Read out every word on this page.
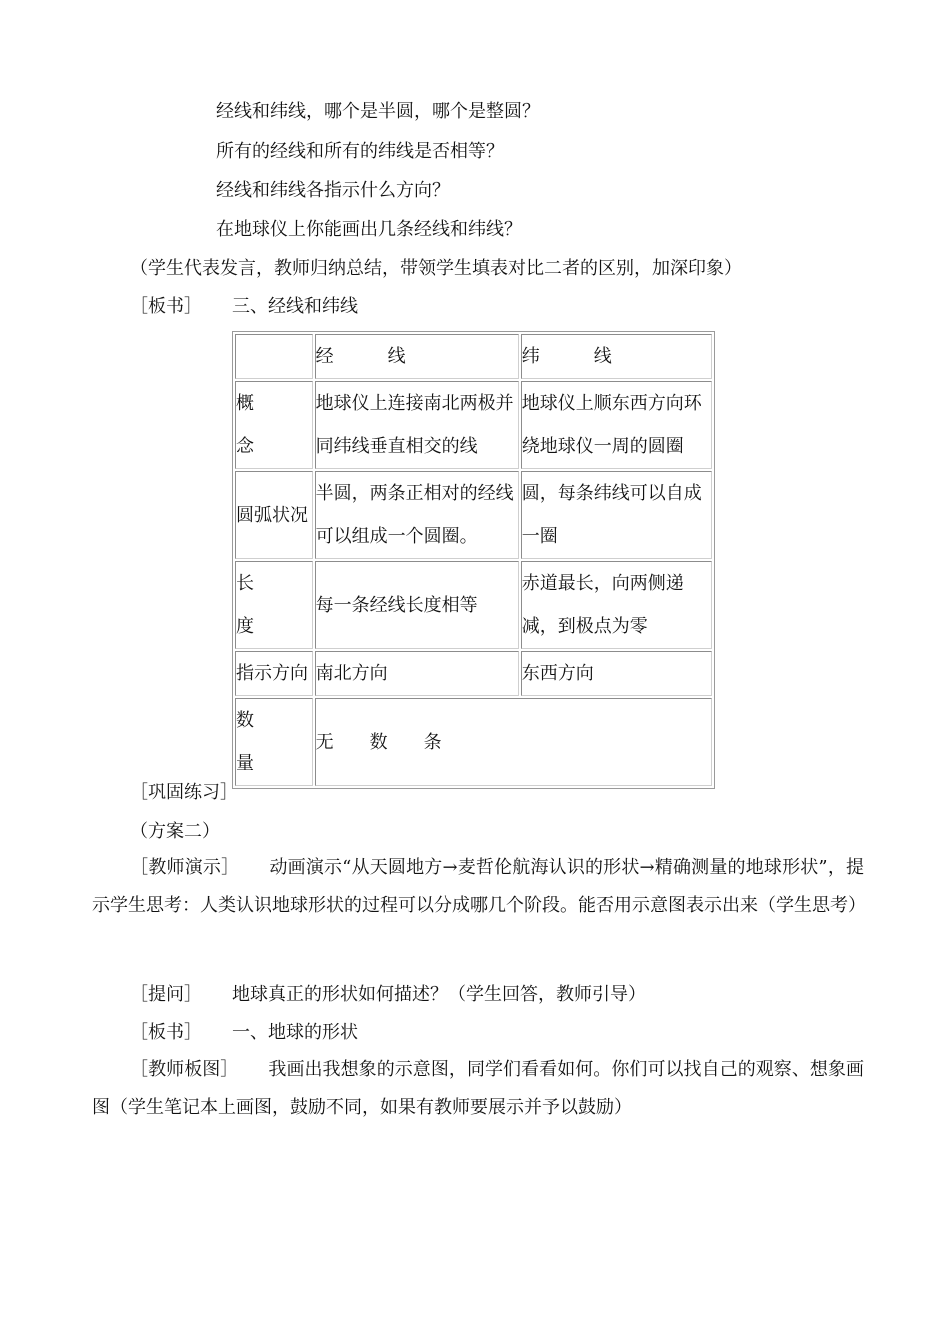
经线和纬线，哪个是半圆，哪个是整圆？
所有的经线和所有的纬线是否相等？
经线和纬线各指示什么方向？
在地球仪上你能画出几条经线和纬线？
（学生代表发言，教师归纳总结，带领学生填表对比二者的区别，加深印象）
［板书］ 三、经线和纬线
	经　　　线	纬　　　线
概
念	地球仪上连接南北两极并同纬线垂直相交的线	地球仪上顺东西方向环绕地球仪一周的圆圈
圆弧状况	半圆，两条正相对的经线可以组成一个圆圈。	圆，每条纬线可以自成一圈
长
度	每一条经线长度相等	赤道最长，向两侧递减，到极点为零
指示方向	南北方向	东西方向
数
量	无　　数　　条	
［巩固练习］
（方案二）
［教师演示］ 动画演示“从天圆地方→麦哲伦航海认识的形状→精确测量的地球形状”，提示学生思考：人类认识地球形状的过程可以分成哪几个阶段。能否用示意图表示出来（学生思考）
［提问］ 地球真正的形状如何描述？（学生回答，教师引导）
［板书］ 一、地球的形状
［教师板图］ 我画出我想象的示意图，同学们看看如何。你们可以找自己的观察、想象画图（学生笔记本上画图，鼓励不同，如果有教师要展示并予以鼓励）
